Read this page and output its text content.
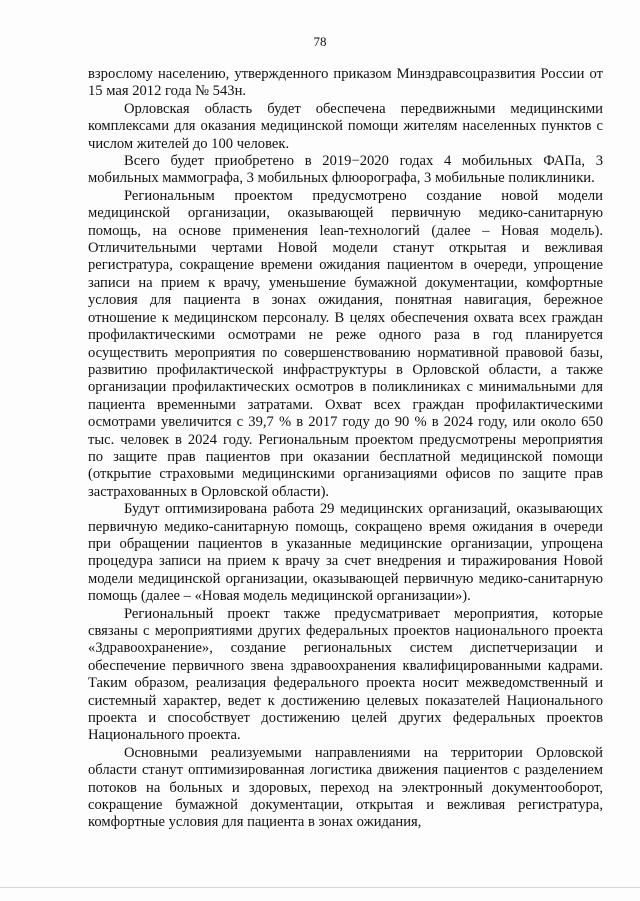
78

взрослому населению, утвержденного приказом Минздравсоцразвития России от 15 мая 2012 года № 543н.

Орловская область будет обеспечена передвижными медицинскими комплексами для оказания медицинской помощи жителям населенных пунктов с числом жителей до 100 человек.

Всего будет приобретено в 2019−2020 годах 4 мобильных ФАПа, 3 мобильных маммографа, 3 мобильных флюорографа, 3 мобильные поликлиники.

Региональным проектом предусмотрено создание новой модели медицинской организации, оказывающей первичную медико-санитарную помощь, на основе применения lean-технологий (далее – Новая модель). Отличительными чертами Новой модели станут открытая и вежливая регистратура, сокращение времени ожидания пациентом в очереди, упрощение записи на прием к врачу, уменьшение бумажной документации, комфортные условия для пациента в зонах ожидания, понятная навигация, бережное отношение к медицинском персоналу. В целях обеспечения охвата всех граждан профилактическими осмотрами не реже одного раза в год планируется осуществить мероприятия по совершенствованию нормативной правовой базы, развитию профилактической инфраструктуры в Орловской области, а также организации профилактических осмотров в поликлиниках с минимальными для пациента временными затратами. Охват всех граждан профилактическими осмотрами увеличится с 39,7 % в 2017 году до 90 % в 2024 году, или около 650 тыс. человек в 2024 году. Региональным проектом предусмотрены мероприятия по защите прав пациентов при оказании бесплатной медицинской помощи (открытие страховыми медицинскими организациями офисов по защите прав застрахованных в Орловской области).

Будут оптимизирована работа 29 медицинских организаций, оказывающих первичную медико-санитарную помощь, сокращено время ожидания в очереди при обращении пациентов в указанные медицинские организации, упрощена процедура записи на прием к врачу за счет внедрения и тиражирования Новой модели медицинской организации, оказывающей первичную медико-санитарную помощь (далее – «Новая модель медицинской организации»).

Региональный проект также предусматривает мероприятия, которые связаны с мероприятиями других федеральных проектов национального проекта «Здравоохранение», создание региональных систем диспетчеризации и обеспечение первичного звена здравоохранения квалифицированными кадрами. Таким образом, реализация федерального проекта носит межведомственный и системный характер, ведет к достижению целевых показателей Национального проекта и способствует достижению целей других федеральных проектов Национального проекта.

Основными реализуемыми направлениями на территории Орловской области станут оптимизированная логистика движения пациентов с разделением потоков на больных и здоровых, переход на электронный документооборот, сокращение бумажной документации, открытая и вежливая регистратура, комфортные условия для пациента в зонах ожидания,
